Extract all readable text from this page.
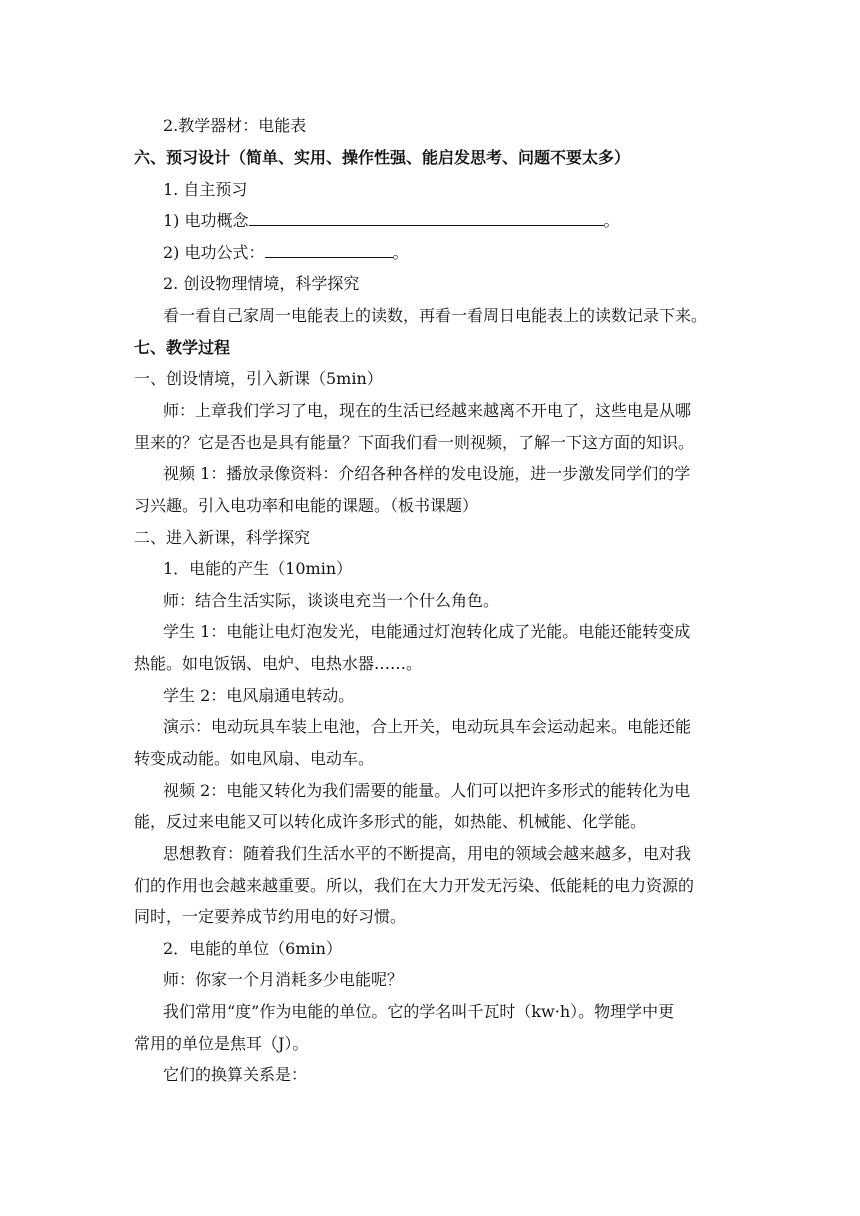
2.教学器材：电能表
六、预习设计（简单、实用、操作性强、能启发思考、问题不要太多）
1. 自主预习
1) 电功概念	。
2) 电功公式：	。
2. 创设物理情境，科学探究
看一看自己家周一电能表上的读数，再看一看周日电能表上的读数记录下来。
七、教学过程
一、创设情境，引入新课（5min）
师：上章我们学习了电，现在的生活已经越来越离不开电了，这些电是从哪
里来的？它是否也是具有能量？下面我们看一则视频，了解一下这方面的知识。
视频 1：播放录像资料：介绍各种各样的发电设施，进一步激发同学们的学
习兴趣。引入电功率和电能的课题。（板书课题）
二、进入新课，科学探究
1．电能的产生（10min）
师：结合生活实际，谈谈电充当一个什么角色。
学生 1：电能让电灯泡发光，电能通过灯泡转化成了光能。电能还能转变成
热能。如电饭锅、电炉、电热水器……。
学生 2：电风扇通电转动。
演示：电动玩具车装上电池，合上开关，电动玩具车会运动起来。电能还能
转变成动能。如电风扇、电动车。
视频 2：电能又转化为我们需要的能量。人们可以把许多形式的能转化为电
能，反过来电能又可以转化成许多形式的能，如热能、机械能、化学能。
思想教育：随着我们生活水平的不断提高，用电的领域会越来越多，电对我
们的作用也会越来越重要。所以，我们在大力开发无污染、低能耗的电力资源的
同时，一定要养成节约用电的好习惯。
2．电能的单位（6min）
师：你家一个月消耗多少电能呢？
我们常用“度”作为电能的单位。它的学名叫千瓦时（kw·h）。物理学中更
常用的单位是焦耳（J）。
它们的换算关系是：
